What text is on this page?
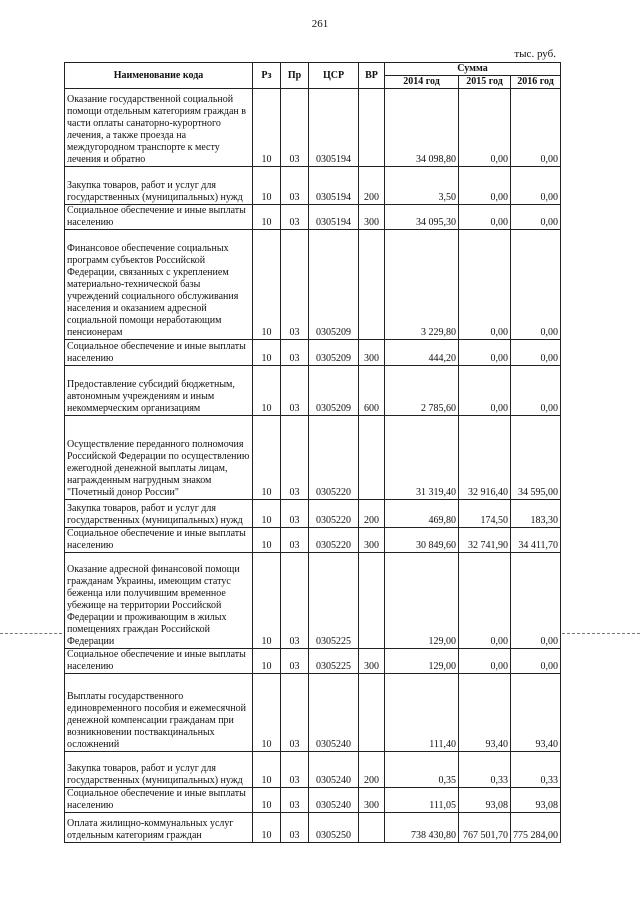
261
тыс. руб.
Наименование кода	Рз	Пр	ЦСР	ВР	Сумма		
					2014 год	2015 год	2016 год
Оказание государственной социальной помощи отдельным категориям граждан в части оплаты санаторно-курортного лечения, а также проезда на междугородном транспорте к месту лечения и обратно	10	03	0305194		34 098,80	0,00	0,00
Закупка товаров, работ и услуг для государственных (муниципальных) нужд	10	03	0305194	200	3,50	0,00	0,00
Социальное обеспечение и иные выплаты населению	10	03	0305194	300	34 095,30	0,00	0,00
Финансовое обеспечение социальных программ субъектов Российской Федерации, связанных с укреплением материально-технической базы учреждений социального обслуживания населения и оказанием адресной социальной помощи неработающим пенсионерам	10	03	0305209		3 229,80	0,00	0,00
Социальное обеспечение и иные выплаты населению	10	03	0305209	300	444,20	0,00	0,00
Предоставление субсидий бюджетным, автономным учреждениям и иным некоммерческим организациям	10	03	0305209	600	2 785,60	0,00	0,00
Осуществление переданного полномочия Российской Федерации по осуществлению ежегодной денежной выплаты лицам, награжденным нагрудным знаком "Почетный донор России"	10	03	0305220		31 319,40	32 916,40	34 595,00
Закупка товаров, работ и услуг для государственных (муниципальных) нужд	10	03	0305220	200	469,80	174,50	183,30
Социальное обеспечение и иные выплаты населению	10	03	0305220	300	30 849,60	32 741,90	34 411,70
Оказание адресной финансовой помощи гражданам Украины, имеющим статус беженца или получившим временное убежище на территории Российской Федерации и проживающим в жилых помещениях граждан Российской Федерации	10	03	0305225		129,00	0,00	0,00
Социальное обеспечение и иные выплаты населению	10	03	0305225	300	129,00	0,00	0,00
Выплаты государственного единовременного пособия и ежемесячной денежной компенсации гражданам при возникновении поствакцинальных осложнений	10	03	0305240		111,40	93,40	93,40
Закупка товаров, работ и услуг для государственных (муниципальных) нужд	10	03	0305240	200	0,35	0,33	0,33
Социальное обеспечение и иные выплаты населению	10	03	0305240	300	111,05	93,08	93,08
Оплата жилищно-коммунальных услуг отдельным категориям граждан	10	03	0305250		738 430,80	767 501,70	775 284,00
